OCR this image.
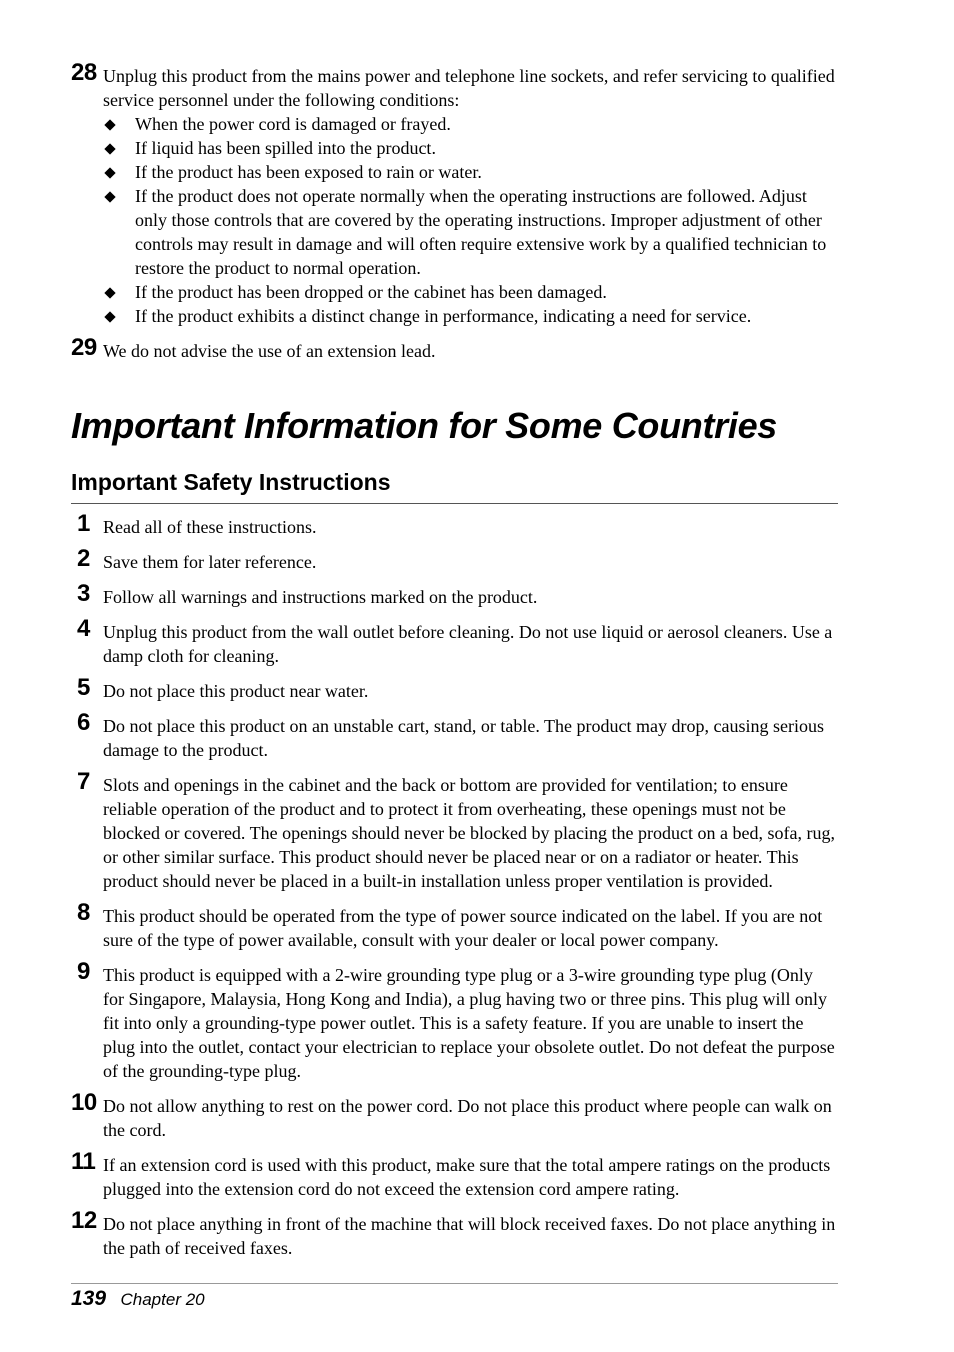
28 Unplug this product from the mains power and telephone line sockets, and refer servicing to qualified service personnel under the following conditions:
When the power cord is damaged or frayed.
If liquid has been spilled into the product.
If the product has been exposed to rain or water.
If the product does not operate normally when the operating instructions are followed. Adjust only those controls that are covered by the operating instructions. Improper adjustment of other controls may result in damage and will often require extensive work by a qualified technician to restore the product to normal operation.
If the product has been dropped or the cabinet has been damaged.
If the product exhibits a distinct change in performance, indicating a need for service.
29 We do not advise the use of an extension lead.
Important Information for Some Countries
Important Safety Instructions
1 Read all of these instructions.
2 Save them for later reference.
3 Follow all warnings and instructions marked on the product.
4 Unplug this product from the wall outlet before cleaning. Do not use liquid or aerosol cleaners. Use a damp cloth for cleaning.
5 Do not place this product near water.
6 Do not place this product on an unstable cart, stand, or table. The product may drop, causing serious damage to the product.
7 Slots and openings in the cabinet and the back or bottom are provided for ventilation; to ensure reliable operation of the product and to protect it from overheating, these openings must not be blocked or covered. The openings should never be blocked by placing the product on a bed, sofa, rug, or other similar surface. This product should never be placed near or on a radiator or heater. This product should never be placed in a built-in installation unless proper ventilation is provided.
8 This product should be operated from the type of power source indicated on the label. If you are not sure of the type of power available, consult with your dealer or local power company.
9 This product is equipped with a 2-wire grounding type plug or a 3-wire grounding type plug (Only for Singapore, Malaysia, Hong Kong and India), a plug having two or three pins. This plug will only fit into only a grounding-type power outlet. This is a safety feature. If you are unable to insert the plug into the outlet, contact your electrician to replace your obsolete outlet. Do not defeat the purpose of the grounding-type plug.
10 Do not allow anything to rest on the power cord. Do not place this product where people can walk on the cord.
11 If an extension cord is used with this product, make sure that the total ampere ratings on the products plugged into the extension cord do not exceed the extension cord ampere rating.
12 Do not place anything in front of the machine that will block received faxes. Do not place anything in the path of received faxes.
139 Chapter 20
